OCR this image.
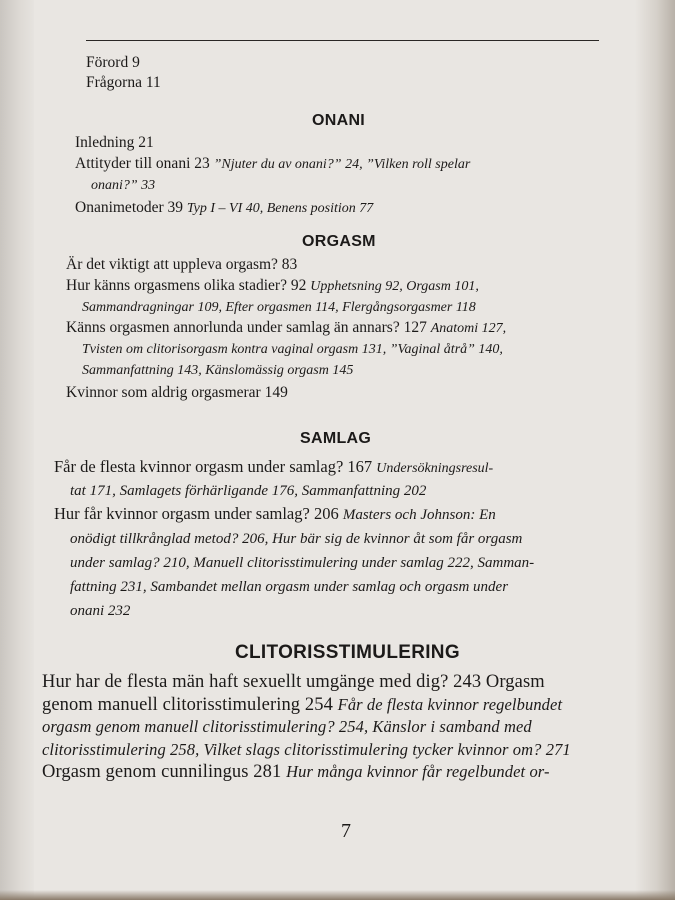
Förord 9
Frågorna 11
ONANI
Inledning 21
Attityder till onani 23 ”Njuter du av onani?” 24, ”Vilken roll spelar
onani?” 33
Onanimetoder 39 Typ I – VI 40, Benens position 77
ORGASM
Är det viktigt att uppleva orgasm? 83
Hur känns orgasmens olika stadier? 92 Upphetsning 92, Orgasm 101,
Sammandragningar 109, Efter orgasmen 114, Flergångsorgasmer 118
Känns orgasmen annorlunda under samlag än annars? 127 Anatomi 127,
Tvisten om clitorisorgasm kontra vaginal orgasm 131, ”Vaginal åtrå” 140,
Sammanfattning 143, Känslomässig orgasm 145
Kvinnor som aldrig orgasmerar 149
SAMLAG
Får de flesta kvinnor orgasm under samlag? 167 Undersökningsresul-
tat 171, Samlagets förhärligande 176, Sammanfattning 202
Hur får kvinnor orgasm under samlag? 206 Masters och Johnson: En
onödigt tillkrånglad metod? 206, Hur bär sig de kvinnor åt som får orgasm
under samlag? 210, Manuell clitorisstimulering under samlag 222, Samman-
fattning 231, Sambandet mellan orgasm under samlag och orgasm under
onani 232
CLITORISSTIMULERING
Hur har de flesta män haft sexuellt umgänge med dig? 243 Orgasm
genom manuell clitorisstimulering 254 Får de flesta kvinnor regelbundet
orgasm genom manuell clitorisstimulering? 254, Känslor i samband med
clitorisstimulering 258, Vilket slags clitorisstimulering tycker kvinnor om? 271
Orgasm genom cunnilingus 281 Hur många kvinnor får regelbundet or-
7
